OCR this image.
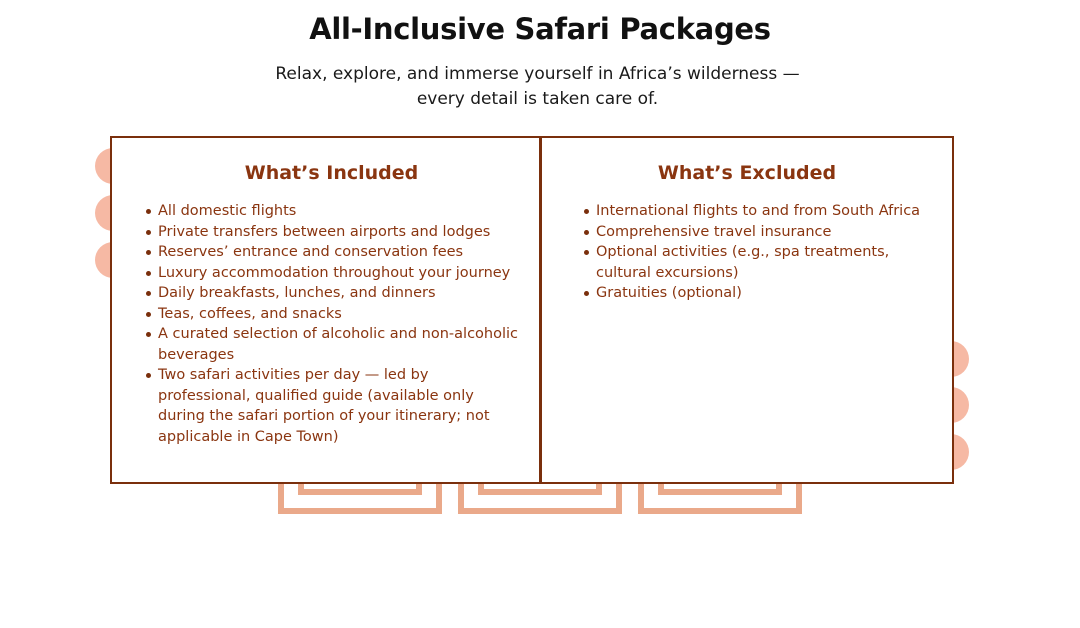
All-Inclusive Safari Packages

Relax, explore, and immerse yourself in Africa’s wilderness — every detail is taken care of.

What’s Included
All domestic flights
Private transfers between airports and lodges
Reserves’ entrance and conservation fees
Luxury accommodation throughout your journey
Daily breakfasts, lunches, and dinners
Teas, coffees, and snacks
A curated selection of alcoholic and non-alcoholic beverages
Two safari activities per day — led by professional, qualified guide (available only during the safari portion of your itinerary; not applicable in Cape Town)
What’s Excluded
International flights to and from South Africa
Comprehensive travel insurance
Optional activities (e.g., spa treatments, cultural excursions)
Gratuities (optional)
